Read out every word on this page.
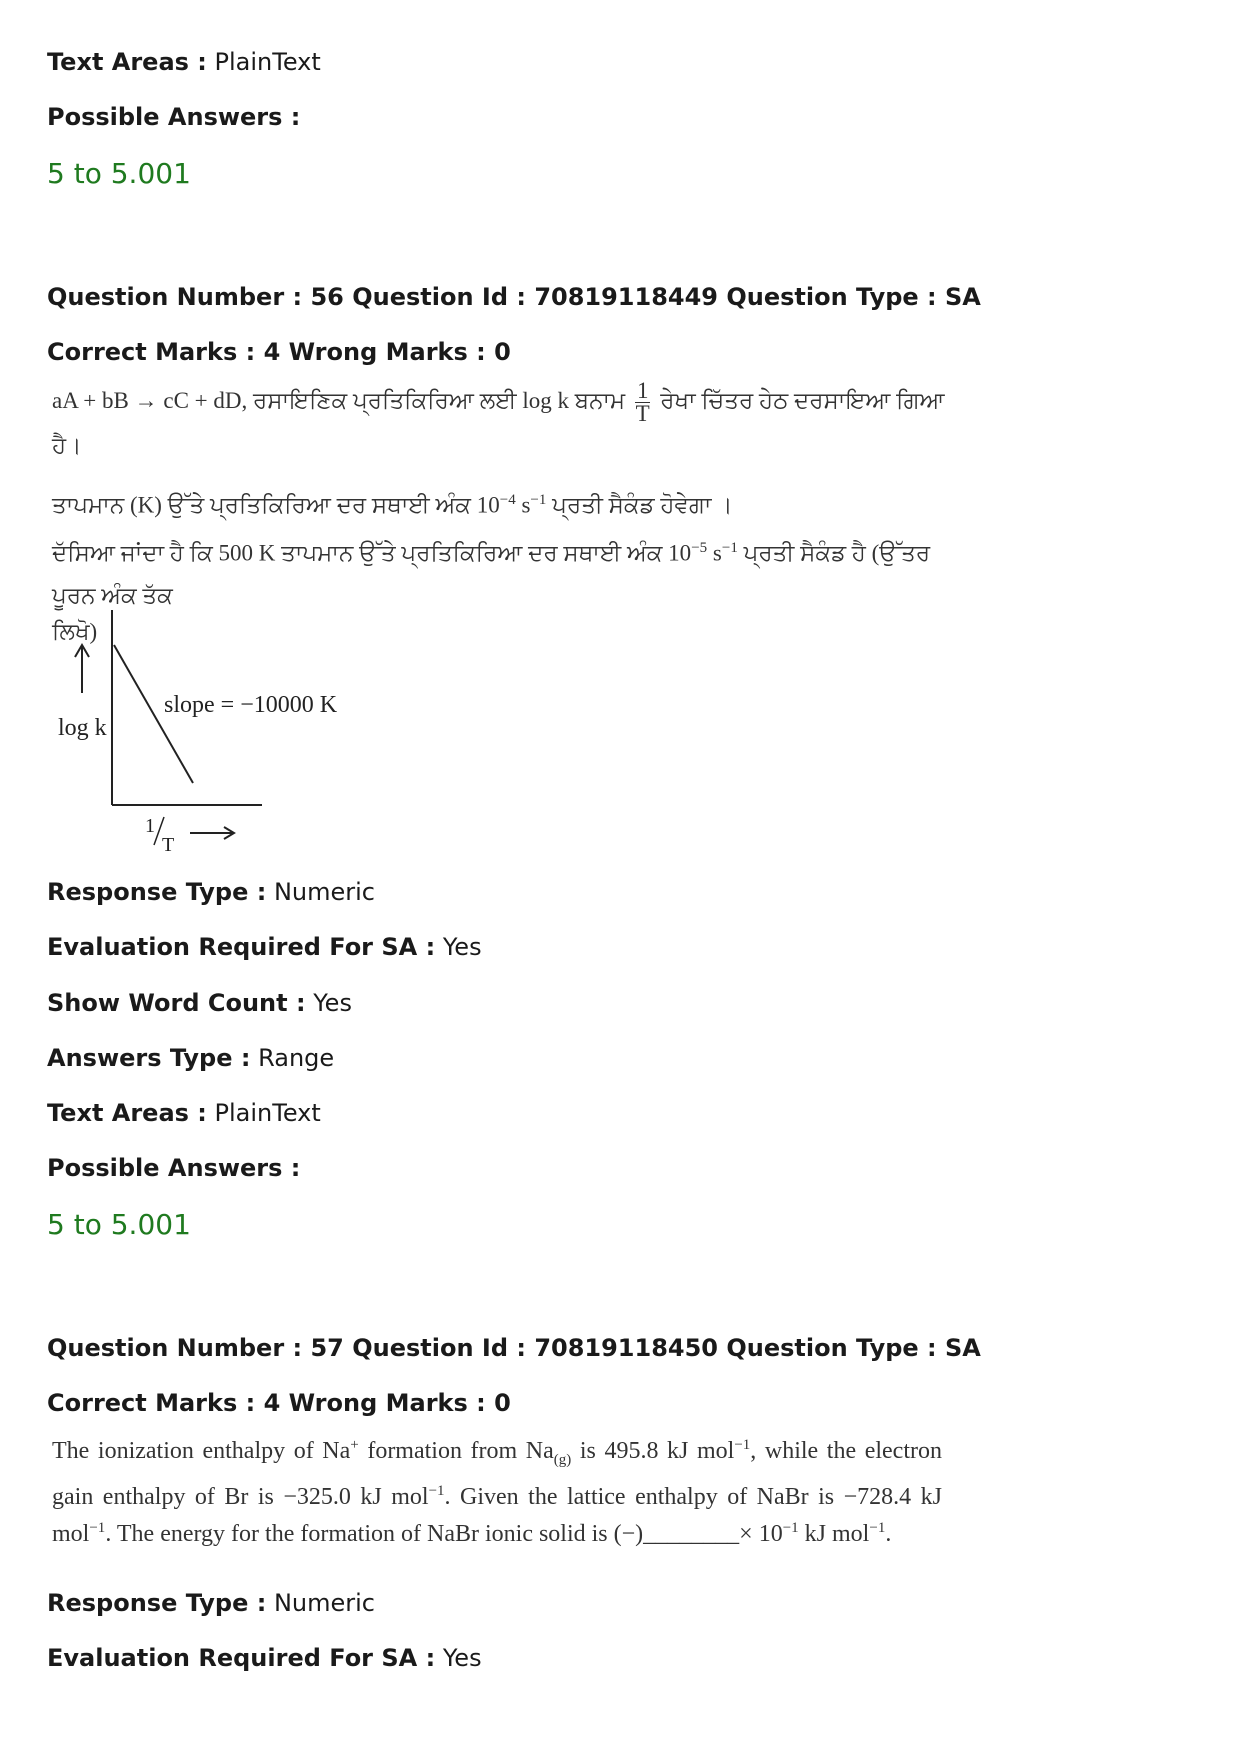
Text Areas : PlainText
Possible Answers :
5 to 5.001
Question Number : 56 Question Id : 70819118449 Question Type : SA
Correct Marks : 4 Wrong Marks : 0
aA + bB → cC + dD, ਰਸਾਇਣਿਕ ਪ੍ਰਤਿਕਿਰਿਆ ਲਈ log k ਬਨਾਮ $\frac{1}{T}$ ਰੇਖਾ ਚਿੱਤਰ ਹੇਠ ਦਰਸਾਇਆ ਗਿਆ ਹੈ।
ਤਾਪਮਾਨ (K) ਉੱਤੇ ਪ੍ਰਤਿਕਿਰਿਆ ਦਰ ਸਥਾਈ ਅੰਕ $10^{-4}$ $s^{-1}$ ਪ੍ਰਤੀ ਸੈਕੰਡ ਹੋਵੇਗਾ ।
ਦੱਸਿਆ ਜਾਂਦਾ ਹੈ ਕਿ 500 K ਤਾਪਮਾਨ ਉੱਤੇ ਪ੍ਰਤਿਕਿਰਿਆ ਦਰ ਸਥਾਈ ਅੰਕ $10^{-5}$ $s^{-1}$ ਪ੍ਰਤੀ ਸੈਕੰਡ ਹੈ (ਉੱਤਰ ਪੂਰਨ ਅੰਕ ਤੱਕ
ਲਿਖੋ)
log k
slope = −10000 K
1
T
Response Type : Numeric
Evaluation Required For SA : Yes
Show Word Count : Yes
Answers Type : Range
Text Areas : PlainText
Possible Answers :
5 to 5.001
Question Number : 57 Question Id : 70819118450 Question Type : SA
Correct Marks : 4 Wrong Marks : 0
The ionization enthalpy of Na+ formation from $Na_{(g)}$ is 495.8 kJ mol$^{-1}$, while the electron gain enthalpy of Br is −325.0 kJ mol$^{-1}$. Given the lattice enthalpy of NaBr is −728.4 kJ mol$^{-1}$. The energy for the formation of NaBr ionic solid is (−)________× $10^{-1}$ kJ mol$^{-1}$.
Response Type : Numeric
Evaluation Required For SA : Yes
